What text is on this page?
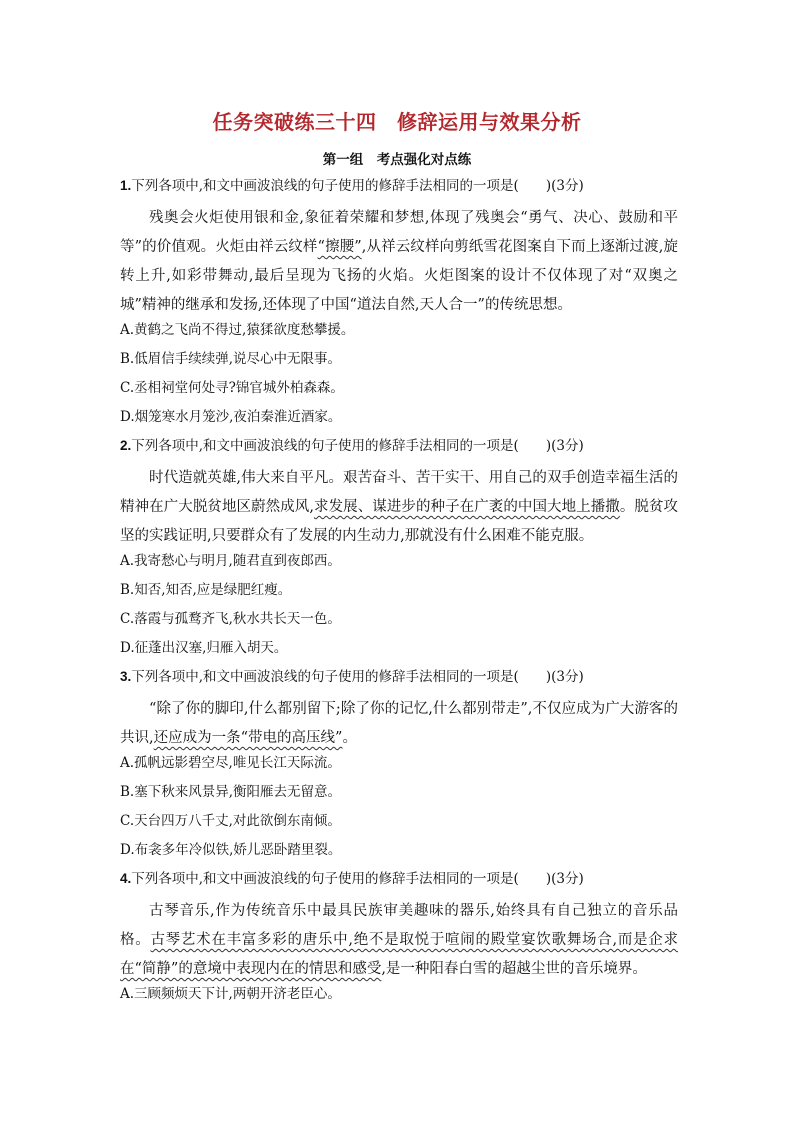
任务突破练三十四　修辞运用与效果分析
第一组　考点强化对点练
1.下列各项中,和文中画波浪线的句子使用的修辞手法相同的一项是(　　)(3分)

残奥会火炬使用银和金,象征着荣耀和梦想,体现了残奥会“勇气、决心、鼓励和平等”的价值观。火炬由祥云纹样“擦腰”,从祥云纹样向剪纸雪花图案自下而上逐渐过渡,旋转上升,如彩带舞动,最后呈现为飞扬的火焰。火炬图案的设计不仅体现了对“双奥之城”精神的继承和发扬,还体现了中国“道法自然,天人合一”的传统思想。

A.黄鹤之飞尚不得过,猿猱欲度愁攀援。
B.低眉信手续续弹,说尽心中无限事。
C.丞相祠堂何处寻?锦官城外柏森森。
D.烟笼寒水月笼沙,夜泊秦淮近酒家。
2.下列各项中,和文中画波浪线的句子使用的修辞手法相同的一项是(　　)(3分)

时代造就英雄,伟大来自平凡。艰苦奋斗、苦干实干、用自己的双手创造幸福生活的精神在广大脱贫地区蔚然成风,求发展、谋进步的种子在广袤的中国大地上播撒。脱贫攻坚的实践证明,只要群众有了发展的内生动力,那就没有什么困难不能克服。

A.我寄愁心与明月,随君直到夜郎西。
B.知否,知否,应是绿肥红瘦。
C.落霞与孤鹜齐飞,秋水共长天一色。
D.征蓬出汉塞,归雁入胡天。
3.下列各项中,和文中画波浪线的句子使用的修辞手法相同的一项是(　　)(3分)

“除了你的脚印,什么都别留下;除了你的记忆,什么都别带走”,不仅应成为广大游客的共识,还应成为一条“带电的高压线”。

A.孤帆远影碧空尽,唯见长江天际流。
B.塞下秋来风景异,衡阳雁去无留意。
C.天台四万八千丈,对此欲倒东南倾。
D.布衾多年冷似铁,娇儿恶卧踏里裂。
4.下列各项中,和文中画波浪线的句子使用的修辞手法相同的一项是(　　)(3分)

古琴音乐,作为传统音乐中最具民族审美趣味的器乐,始终具有自己独立的音乐品格。古琴艺术在丰富多彩的唐乐中,绝不是取悦于喧闹的殿堂宴饮歌舞场合,而是企求在“简静”的意境中表现内在的情思和感受,是一种阳春白雪的超越尘世的音乐境界。

A.三顾频烦天下计,两朝开济老臣心。
